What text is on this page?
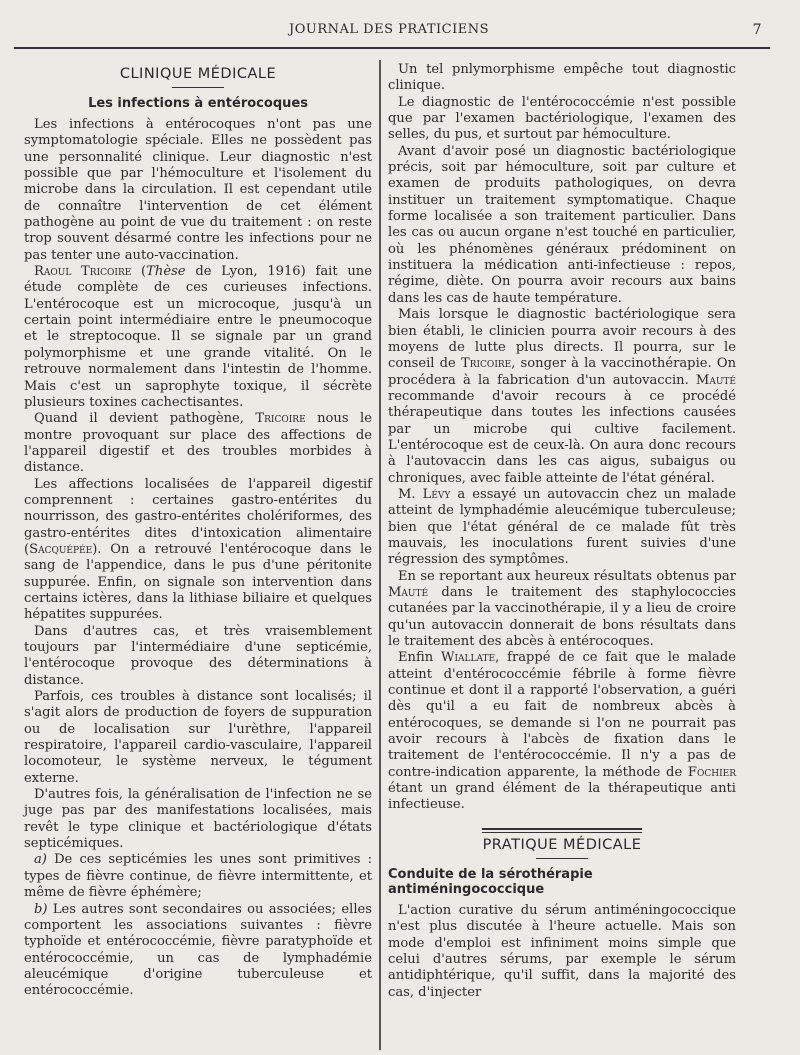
JOURNAL DES PRATICIENS	7
CLINIQUE MÉDICALE
Les infections à entérocoques

Les infections à entérocoques n'ont pas une symptomatologie spéciale. Elles ne possèdent pas une personnalité clinique. Leur diagnostic n'est possible que par l'hémoculture et l'isolement du microbe dans la circulation. Il est cependant utile de connaître l'intervention de cet élément pathogène au point de vue du traitement : on reste trop souvent désarmé contre les infections pour ne pas tenter une auto-vaccination.

Raoul Tricoire (Thèse de Lyon, 1916) fait une étude complète de ces curieuses infections. L'entérocoque est un microcoque, jusqu'à un certain point intermédiaire entre le pneumocoque et le streptocoque. Il se signale par un grand polymorphisme et une grande vitalité. On le retrouve normalement dans l'intestin de l'homme. Mais c'est un saprophyte toxique, il sécrète plusieurs toxines cachectisantes.

Quand il devient pathogène, Tricoire nous le montre provoquant sur place des affections de l'appareil digestif et des troubles morbides à distance.

Les affections localisées de l'appareil digestif comprennent : certaines gastro-entérites du nourrisson, des gastro-entérites cholériformes, des gastro-entérites dites d'intoxication alimentaire (Sacquépée). On a retrouvé l'entérocoque dans le sang de l'appendice, dans le pus d'une péritonite suppurée. Enfin, on signale son intervention dans certains ictères, dans la lithiase biliaire et quelques hépatites suppurées.

Dans d'autres cas, et très vraisemblement toujours par l'intermédiaire d'une septicémie, l'entérocoque provoque des déterminations à distance.

Parfois, ces troubles à distance sont localisés; il s'agit alors de production de foyers de suppuration ou de localisation sur l'urèthre, l'appareil respiratoire, l'appareil cardio-vasculaire, l'appareil locomoteur, le système nerveux, le tégument externe.

D'autres fois, la généralisation de l'infection ne se juge pas par des manifestations localisées, mais revêt le type clinique et bactériologique d'états septicémiques.

a) De ces septicémies les unes sont primitives : types de fièvre continue, de fièvre intermittente, et même de fièvre éphémère;

b) Les autres sont secondaires ou associées; elles comportent les associations suivantes : fièvre typhoïde et entérococcémie, fièvre paratyphoïde et entérococcémie, un cas de lymphadémie aleucémique d'origine tuberculeuse et entérococcémie.

Un tel pnlymorphisme empêche tout diagnostic clinique.

Le diagnostic de l'entérococcémie n'est possible que par l'examen bactériologique, l'examen des selles, du pus, et surtout par hémoculture.

Avant d'avoir posé un diagnostic bactériologique précis, soit par hémoculture, soit par culture et examen de produits pathologiques, on devra instituer un traitement symptomatique. Chaque forme localisée a son traitement particulier. Dans les cas ou aucun organe n'est touché en particulier, où les phénomènes généraux prédominent on instituera la médication anti-infectieuse : repos, régime, diète. On pourra avoir recours aux bains dans les cas de haute température.

Mais lorsque le diagnostic bactériologique sera bien établi, le clinicien pourra avoir recours à des moyens de lutte plus directs. Il pourra, sur le conseil de Tricoire, songer à la vaccinothérapie. On procédera à la fabrication d'un autovaccin. Mauté recommande d'avoir recours à ce procédé thérapeutique dans toutes les infections causées par un microbe qui cultive facilement. L'entérocoque est de ceux-là. On aura donc recours à l'autovaccin dans les cas aigus, subaigus ou chroniques, avec faible atteinte de l'état général.

M. Lévy a essayé un autovaccin chez un malade atteint de lymphadémie aleucémique tuberculeuse; bien que l'état général de ce malade fût très mauvais, les inoculations furent suivies d'une régression des symptômes.

En se reportant aux heureux résultats obtenus par Mauté dans le traitement des staphylococcies cutanées par la vaccinothérapie, il y a lieu de croire qu'un autovaccin donnerait de bons résultats dans le traitement des abcès à entérocoques.

Enfin Wiallate, frappé de ce fait que le malade atteint d'entérococcémie fébrile à forme fièvre continue et dont il a rapporté l'observation, a guéri dès qu'il a eu fait de nombreux abcès à entérocoques, se demande si l'on ne pourrait pas avoir recours à l'abcès de fixation dans le traitement de l'entérococcémie. Il n'y a pas de contre-indication apparente, la méthode de Fochier étant un grand élément de la thérapeutique anti infectieuse.

PRATIQUE MÉDICALE
Conduite de la sérothérapie antiméningococcique

L'action curative du sérum antiméningococcique n'est plus discutée à l'heure actuelle. Mais son mode d'emploi est infiniment moins simple que celui d'autres sérums, par exemple le sérum antidiphtérique, qu'il suffit, dans la majorité des cas, d'injecter
